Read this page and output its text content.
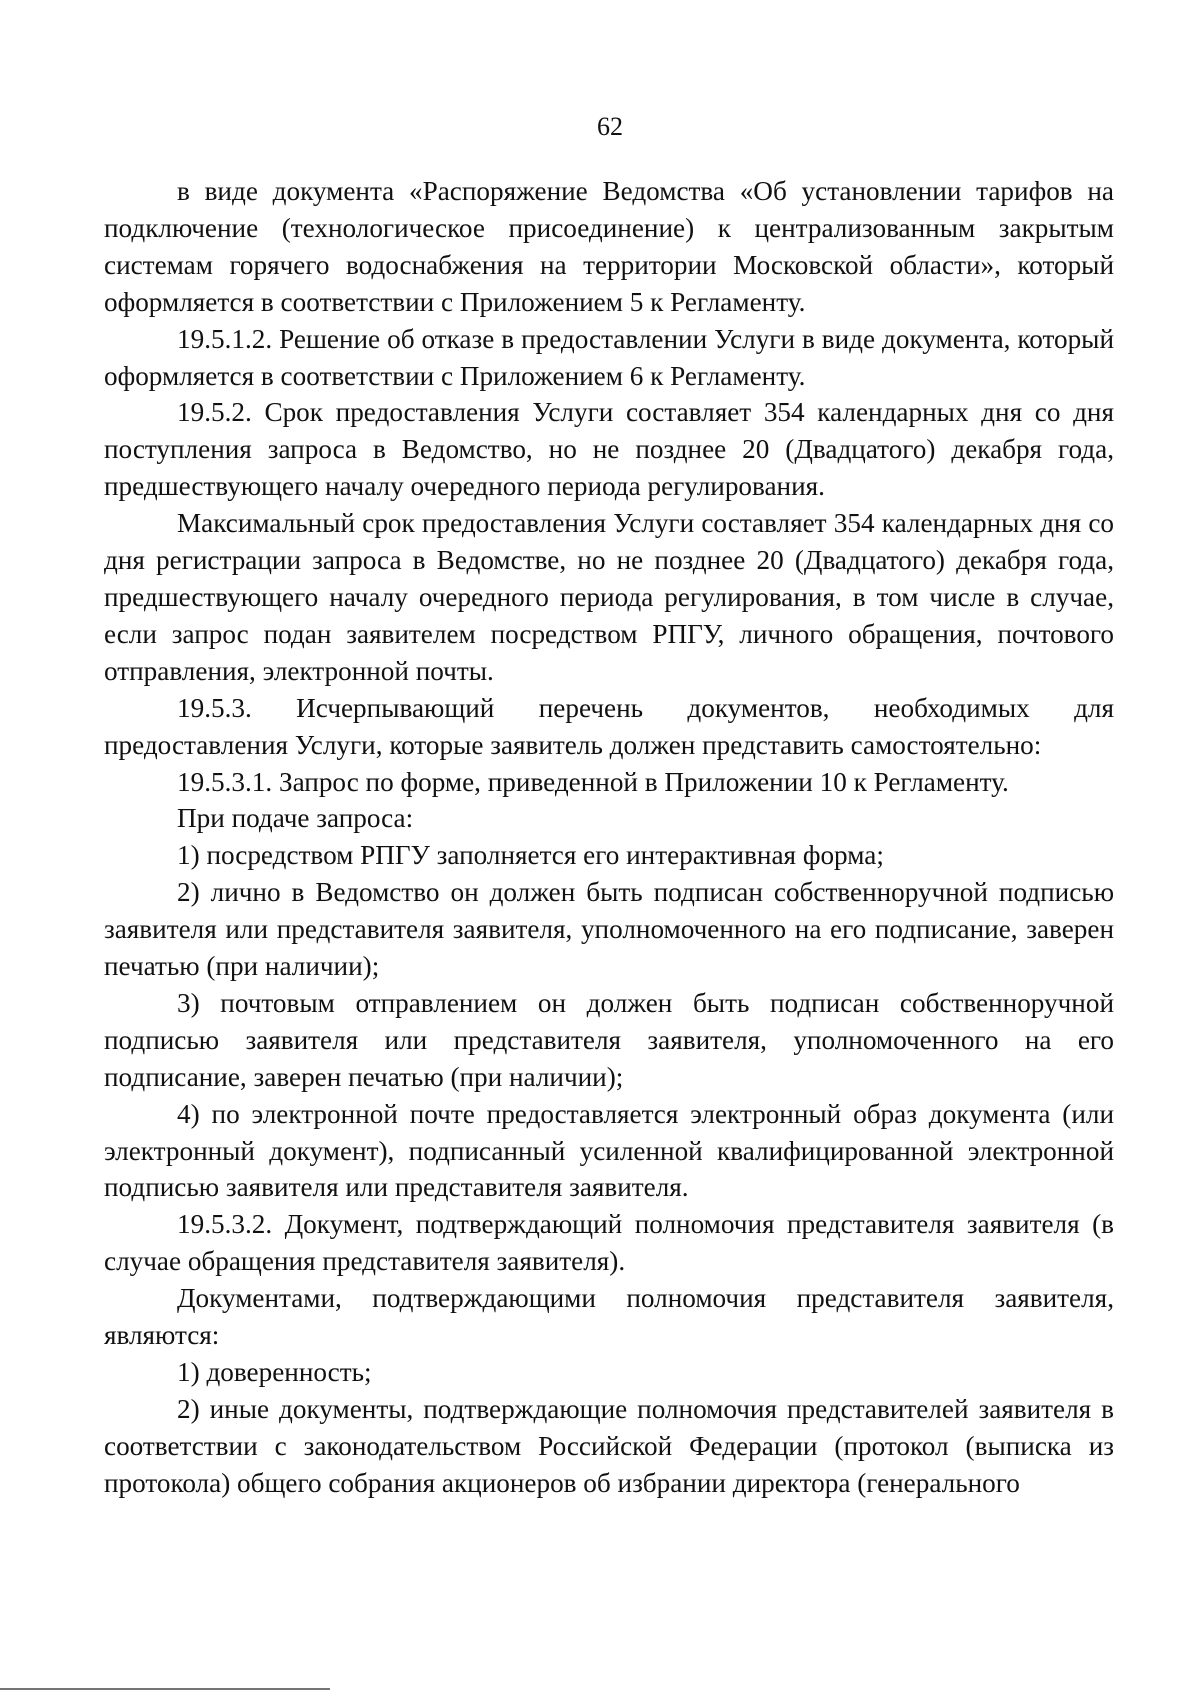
62

в виде документа «Распоряжение Ведомства «Об установлении тарифов на подключение (технологическое присоединение) к централизованным закрытым системам горячего водоснабжения на территории Московской области», который оформляется в соответствии с Приложением 5 к Регламенту.

19.5.1.2. Решение об отказе в предоставлении Услуги в виде документа, который оформляется в соответствии с Приложением 6 к Регламенту.

19.5.2. Срок предоставления Услуги составляет 354 календарных дня со дня поступления запроса в Ведомство, но не позднее 20 (Двадцатого) декабря года, предшествующего началу очередного периода регулирования.

Максимальный срок предоставления Услуги составляет 354 календарных дня со дня регистрации запроса в Ведомстве, но не позднее 20 (Двадцатого) декабря года, предшествующего началу очередного периода регулирования, в том числе в случае, если запрос подан заявителем посредством РПГУ, личного обращения, почтового отправления, электронной почты.

19.5.3. Исчерпывающий перечень документов, необходимых для предоставления Услуги, которые заявитель должен представить самостоятельно:

19.5.3.1. Запрос по форме, приведенной в Приложении 10 к Регламенту.

При подаче запроса:

1) посредством РПГУ заполняется его интерактивная форма;

2) лично в Ведомство он должен быть подписан собственноручной подписью заявителя или представителя заявителя, уполномоченного на его подписание, заверен печатью (при наличии);

3) почтовым отправлением он должен быть подписан собственноручной подписью заявителя или представителя заявителя, уполномоченного на его подписание, заверен печатью (при наличии);

4) по электронной почте предоставляется электронный образ документа (или электронный документ), подписанный усиленной квалифицированной электронной подписью заявителя или представителя заявителя.

19.5.3.2. Документ, подтверждающий полномочия представителя заявителя (в случае обращения представителя заявителя).

Документами, подтверждающими полномочия представителя заявителя, являются:

1) доверенность;

2) иные документы, подтверждающие полномочия представителей заявителя в соответствии с законодательством Российской Федерации (протокол (выписка из протокола) общего собрания акционеров об избрании директора (генерального
